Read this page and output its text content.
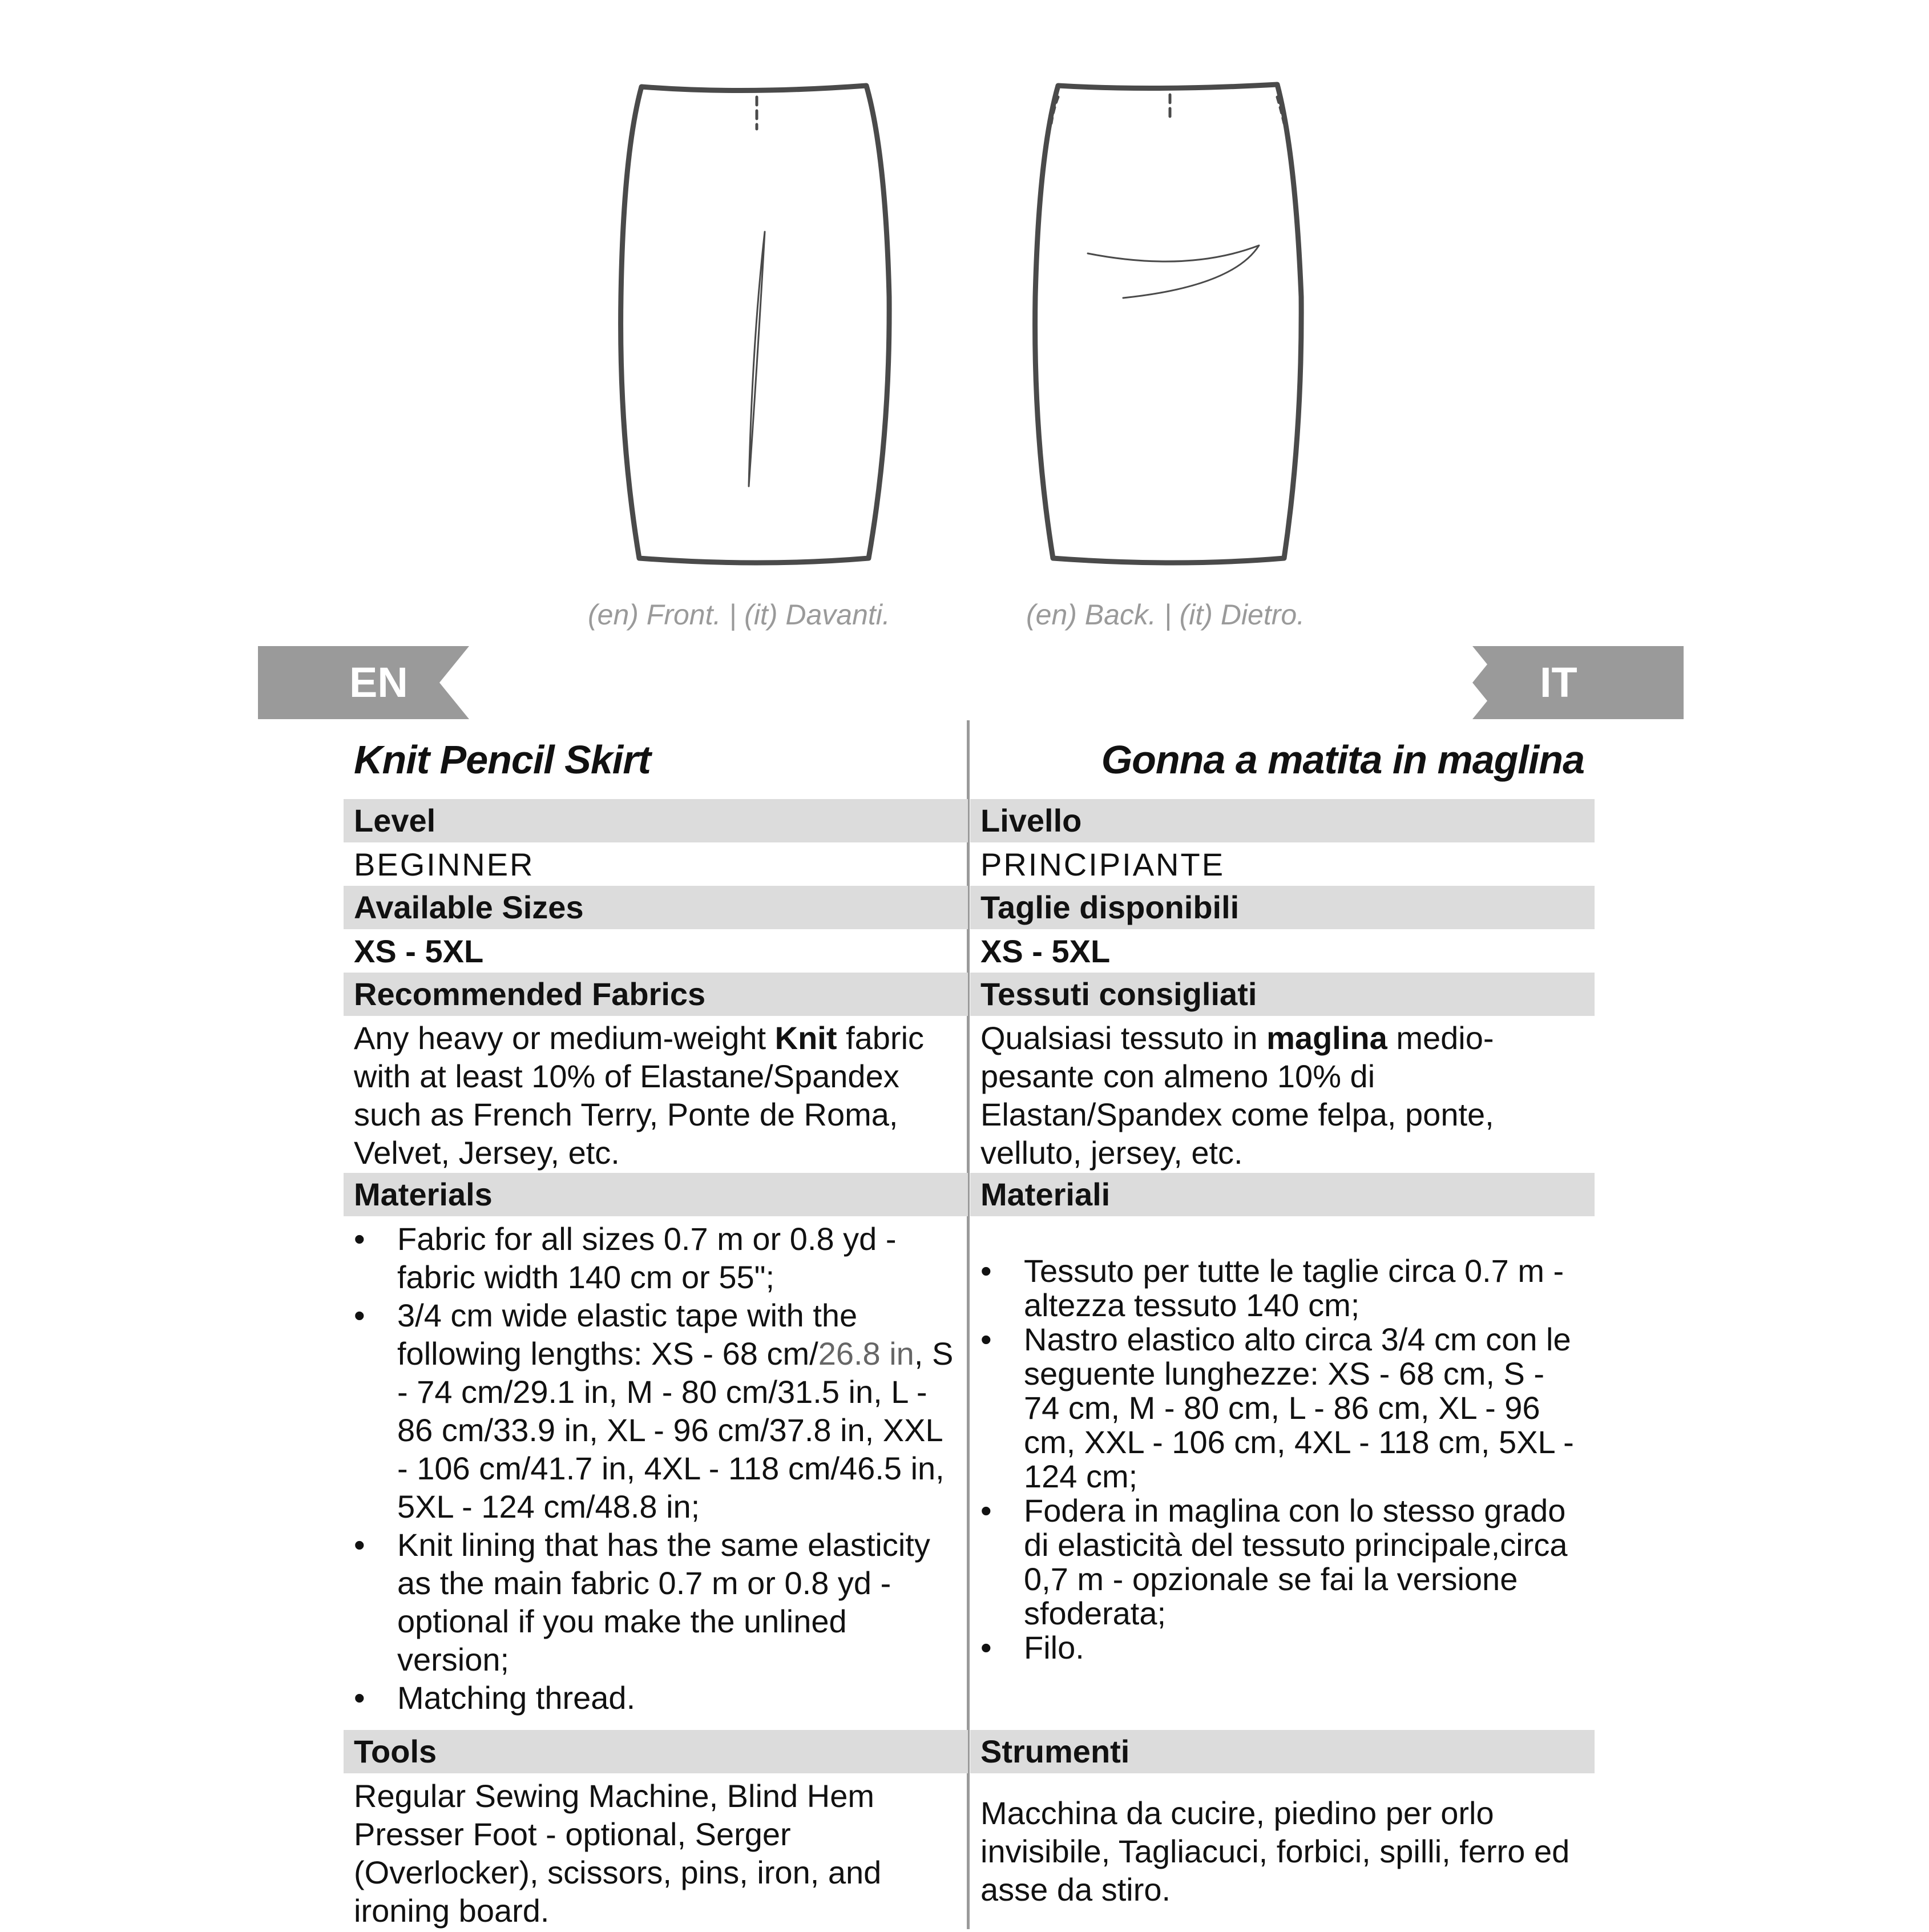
(en) Front. | (it) Davanti.	(en) Back. | (it) Dietro.
EN	IT
Knit Pencil Skirt
Level
BEGINNER
Available Sizes
XS - 5XL
Recommended Fabrics
Any heavy or medium-weight Knit fabric with at least 10% of Elastane/Spandex such as French Terry, Ponte de Roma, Velvet, Jersey, etc.
Materials
• Fabric for all sizes 0.7 m or 0.8 yd - fabric width 140 cm or 55";
• 3/4 cm wide elastic tape with the following lengths: XS - 68 cm/26.8 in, S - 74 cm/29.1 in, M - 80 cm/31.5 in, L - 86 cm/33.9 in, XL - 96 cm/37.8 in, XXL - 106 cm/41.7 in, 4XL - 118 cm/46.5 in, 5XL - 124 cm/48.8 in;
• Knit lining that has the same elasticity as the main fabric 0.7 m or 0.8 yd - optional if you make the unlined version;
• Matching thread.
Tools
Regular Sewing Machine, Blind Hem Presser Foot - optional, Serger (Overlocker), scissors, pins, iron, and ironing board.
Gonna a matita in maglina
Livello
PRINCIPIANTE
Taglie disponibili
XS - 5XL
Tessuti consigliati
Qualsiasi tessuto in maglina medio-pesante con almeno 10% di Elastan/Spandex come felpa, ponte, velluto, jersey, etc.
Materiali
• Tessuto per tutte le taglie circa 0.7 m - altezza tessuto 140 cm;
• Nastro elastico alto circa 3/4 cm con le seguente lunghezze: XS - 68 cm, S - 74 cm, M - 80 cm, L - 86 cm, XL - 96 cm, XXL - 106 cm, 4XL - 118 cm, 5XL - 124 cm;
• Fodera in maglina con lo stesso grado di elasticità del tessuto principale,circa 0,7 m - opzionale se fai la versione sfoderata;
• Filo.
Strumenti
Macchina da cucire, piedino per orlo invisibile, Tagliacuci, forbici, spilli, ferro ed asse da stiro.
